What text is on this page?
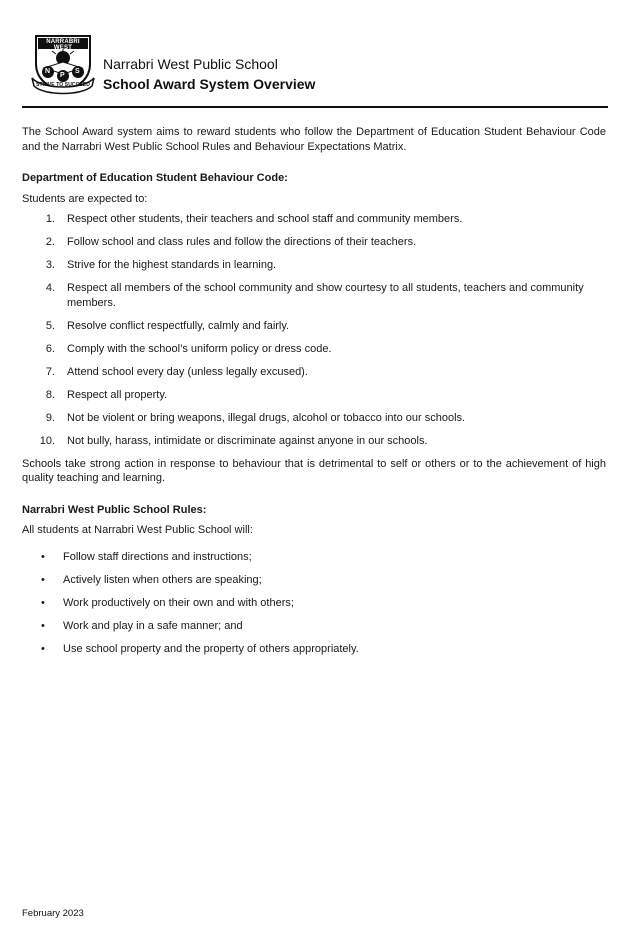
NARRABRI WEST
N
P
S
STRIVE TO SUCCEED
Narrabri West Public School
School Award System Overview

The School Award system aims to reward students who follow the Department of Education Student Behaviour Code and the Narrabri West Public School Rules and Behaviour Expectations Matrix.

Department of Education Student Behaviour Code:
Students are expected to:
1. Respect other students, their teachers and school staff and community members.
2. Follow school and class rules and follow the directions of their teachers.
3. Strive for the highest standards in learning.
4. Respect all members of the school community and show courtesy to all students, teachers and community members.
5. Resolve conflict respectfully, calmly and fairly.
6. Comply with the school’s uniform policy or dress code.
7. Attend school every day (unless legally excused).
8. Respect all property.
9. Not be violent or bring weapons, illegal drugs, alcohol or tobacco into our schools.
10. Not bully, harass, intimidate or discriminate against anyone in our schools.

Schools take strong action in response to behaviour that is detrimental to self or others or to the achievement of high quality teaching and learning.

Narrabri West Public School Rules:
All students at Narrabri West Public School will:
• Follow staff directions and instructions;
• Actively listen when others are speaking;
• Work productively on their own and with others;
• Work and play in a safe manner; and
• Use school property and the property of others appropriately.
February 2023
